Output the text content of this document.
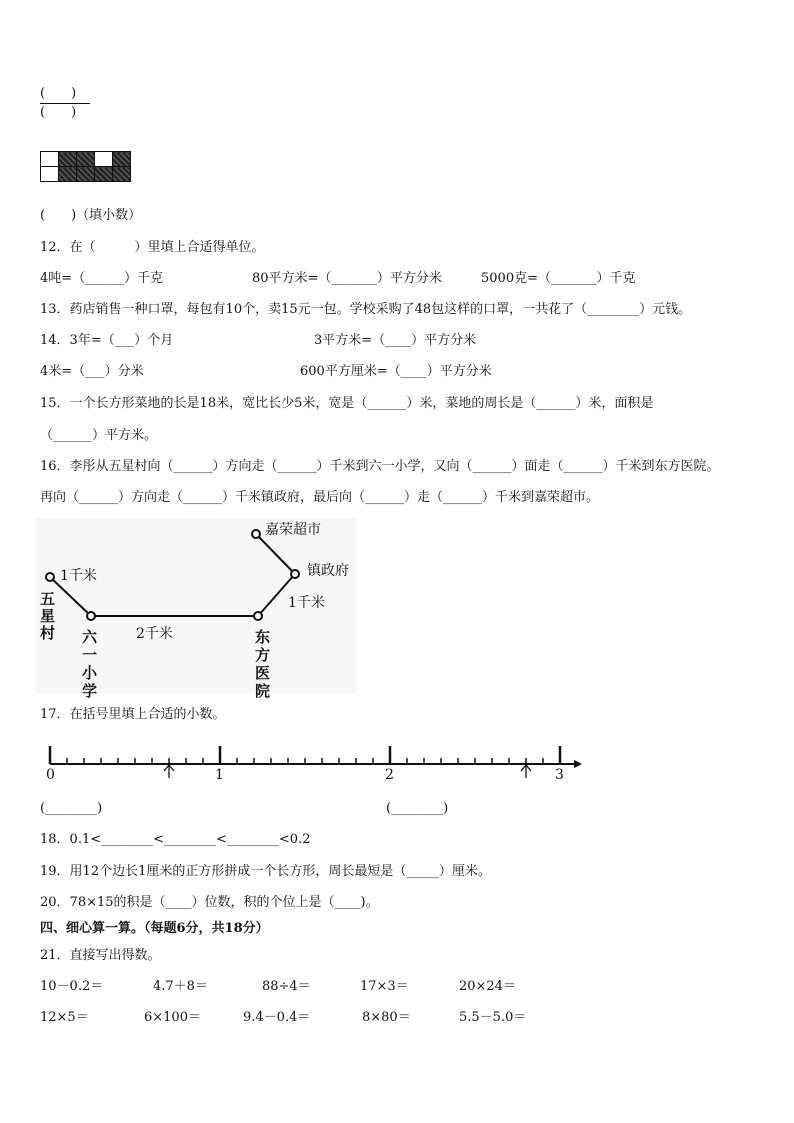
(　　)
(　　)

(　　)（填小数）
12．在（　　　）里填上合适得单位。
4吨=（______）千克	80平方米=（_______）平方分米	5000克=（_______）千克
13．药店销售一种口罩，每包有10个，卖15元一包。学校采购了48包这样的口罩，一共花了（________）元钱。
14．3年=（___）个月	3平方米=（____）平方分米
4米=（___）分米	600平方厘米=（____）平方分米
15．一个长方形菜地的长是18米，宽比长少5米，宽是（______）米，菜地的周长是（______）米，面积是
（______）平方米。
16．李彤从五星村向（______）方向走（______）千米到六一小学，又向（______）面走（______）千米到东方医院。
再向（______）方向走（______）千米镇政府，最后向（______）走（______）千米到嘉荣超市。
嘉荣超市
镇政府
1千米
1千米
2千米
五
星
村 六
一
小
学
东
方
医
院
17．在括号里填上合适的小数。
0	1	2	3
(________)	(________)
18．0.1<________<________<________<0.2
19．用12个边长1厘米的正方形拼成一个长方形，周长最短是（_____）厘米。
20．78×15的积是（____）位数，积的个位上是（____)。
四、细心算一算。（每题6分，共18分）
21．直接写出得数。
10－0.2＝	4.7＋8＝	88÷4＝	17×3＝	20×24＝
12×5＝	6×100＝	9.4－0.4＝	8×80＝	5.5－5.0＝
